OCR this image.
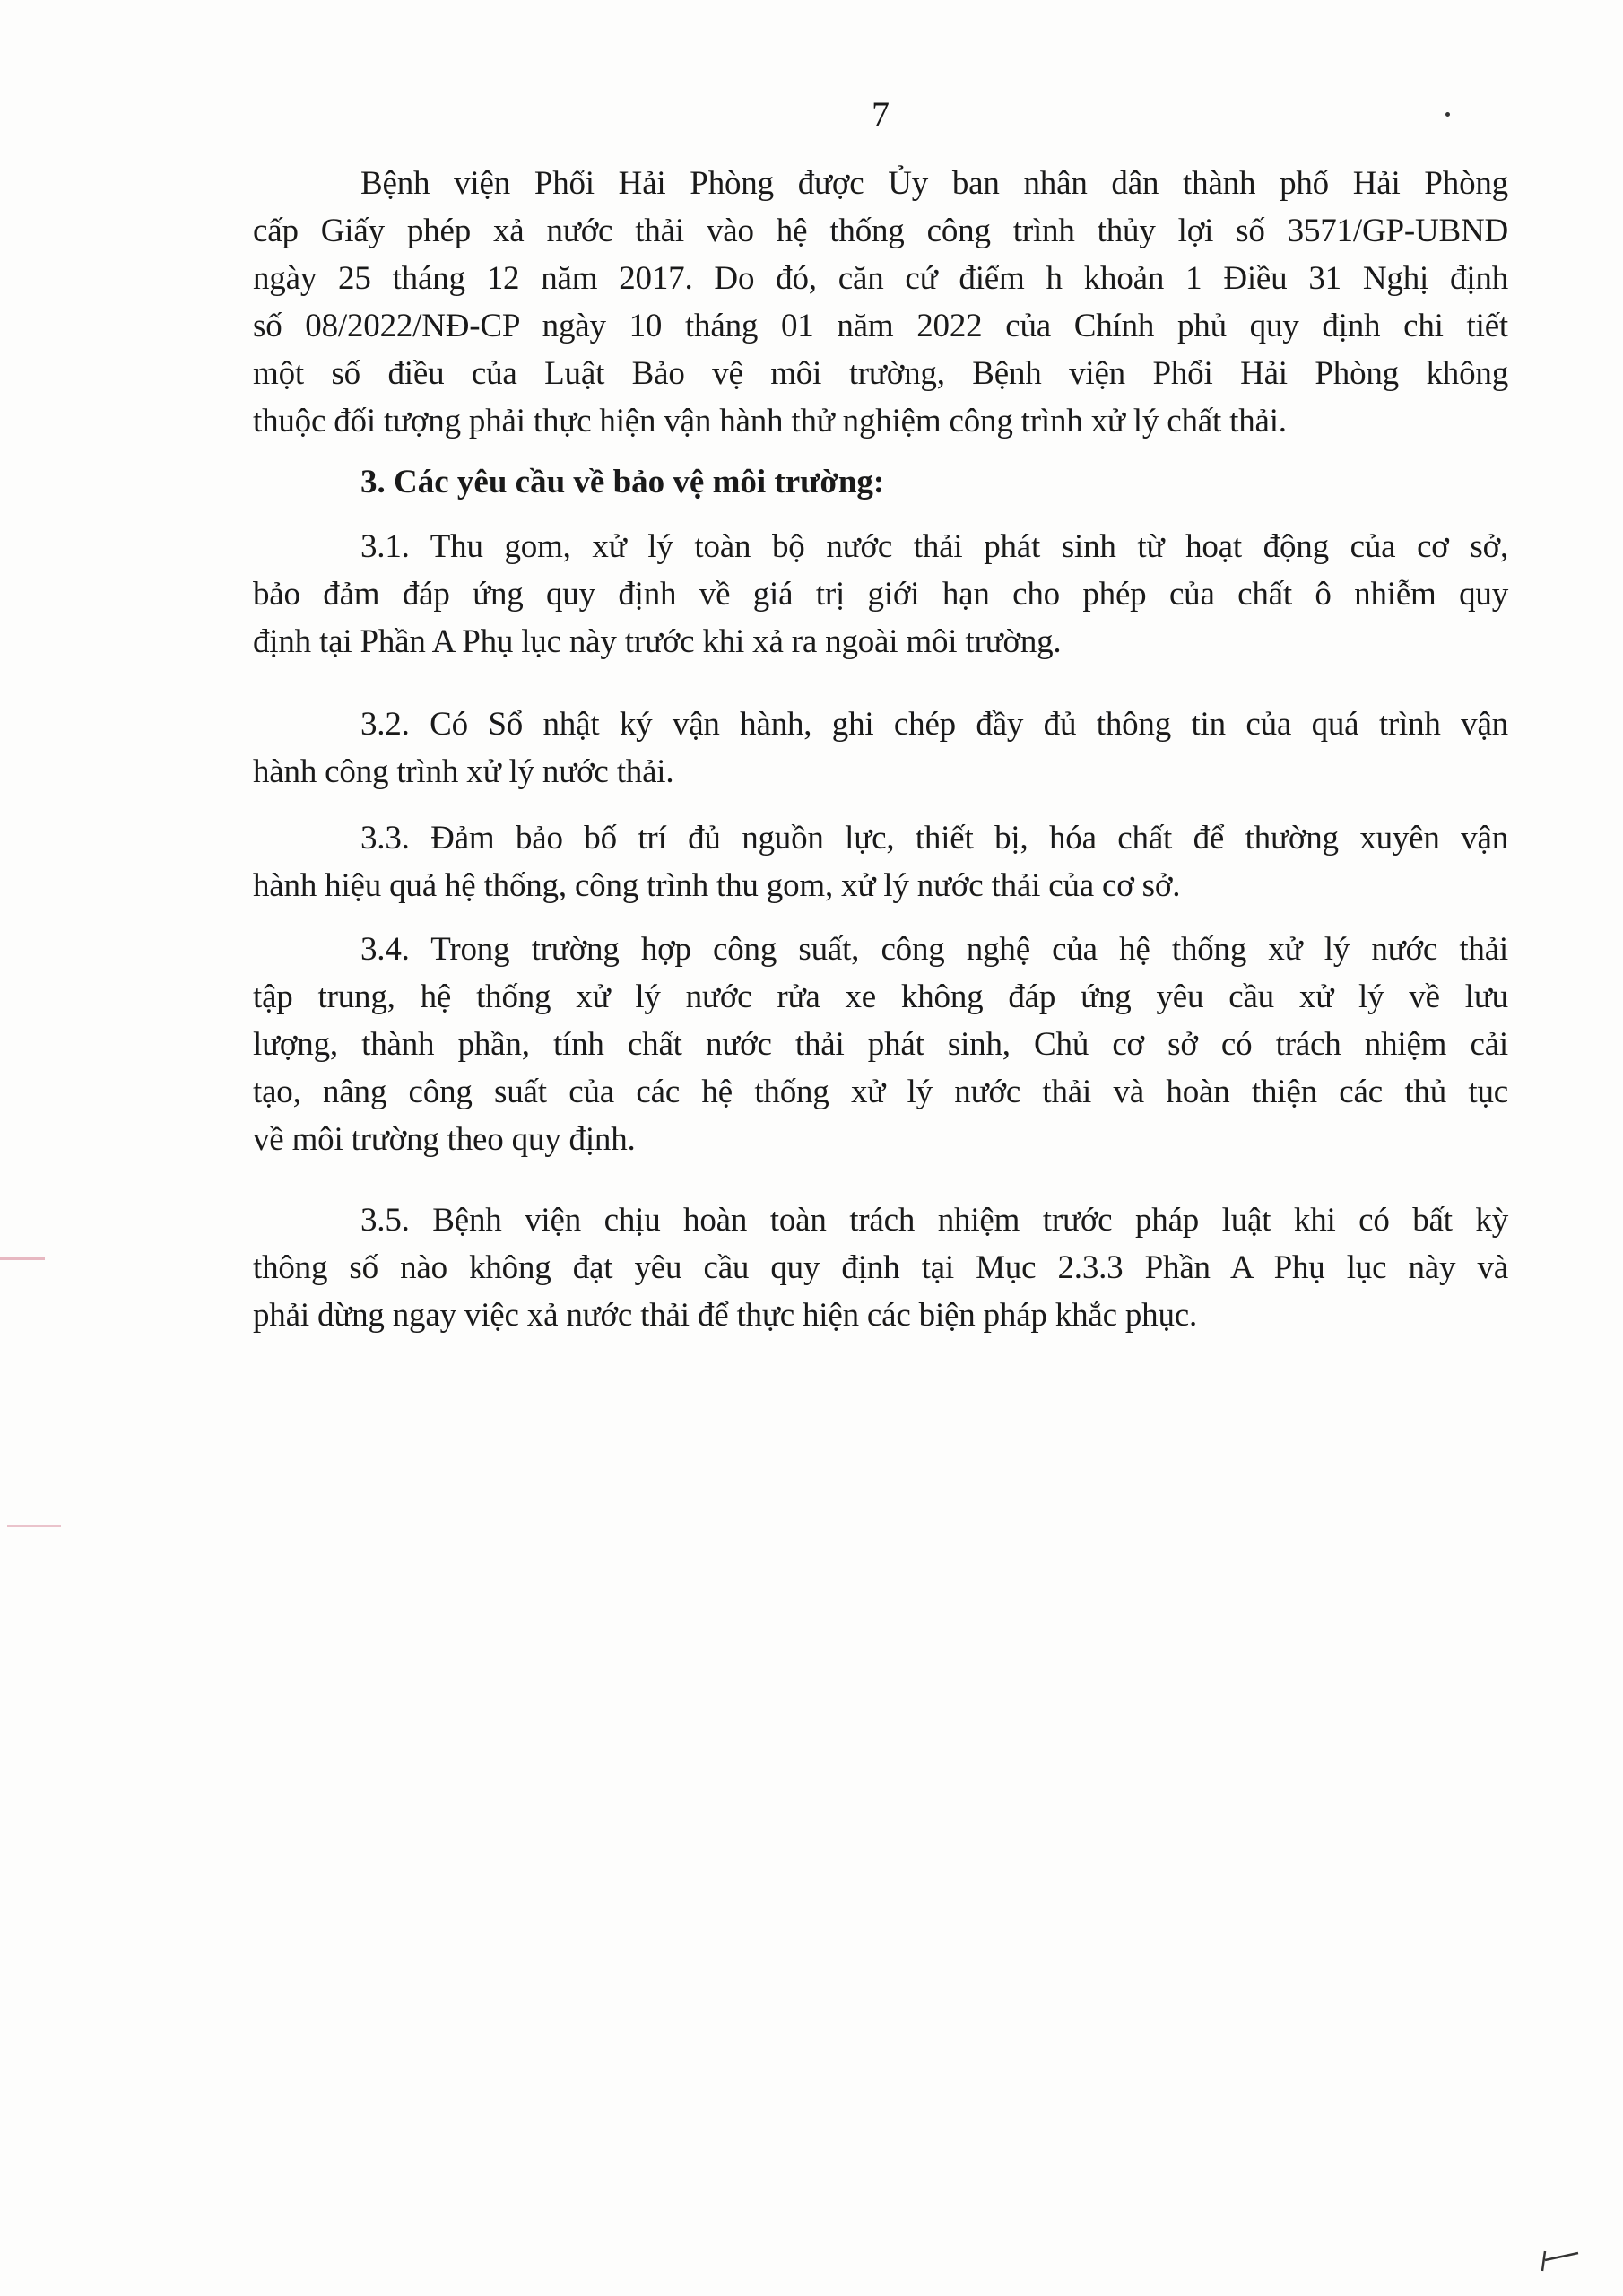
7
Bệnh viện Phổi Hải Phòng được Ủy ban nhân dân thành phố Hải Phòng
cấp Giấy phép xả nước thải vào hệ thống công trình thủy lợi số 3571/GP-UBND
ngày 25 tháng 12 năm 2017. Do đó, căn cứ điểm h khoản 1 Điều 31 Nghị định
số 08/2022/NĐ-CP ngày 10 tháng 01 năm 2022 của Chính phủ quy định chi tiết
một số điều của Luật Bảo vệ môi trường, Bệnh viện Phổi Hải Phòng không
thuộc đối tượng phải thực hiện vận hành thử nghiệm công trình xử lý chất thải.
3. Các yêu cầu về bảo vệ môi trường:
3.1. Thu gom, xử lý toàn bộ nước thải phát sinh từ hoạt động của cơ sở,
bảo đảm đáp ứng quy định về giá trị giới hạn cho phép của chất ô nhiễm quy
định tại Phần A Phụ lục này trước khi xả ra ngoài môi trường.
3.2. Có Sổ nhật ký vận hành, ghi chép đầy đủ thông tin của quá trình vận
hành công trình xử lý nước thải.
3.3. Đảm bảo bố trí đủ nguồn lực, thiết bị, hóa chất để thường xuyên vận
hành hiệu quả hệ thống, công trình thu gom, xử lý nước thải của cơ sở.
3.4. Trong trường hợp công suất, công nghệ của hệ thống xử lý nước thải
tập trung, hệ thống xử lý nước rửa xe không đáp ứng yêu cầu xử lý về lưu
lượng, thành phần, tính chất nước thải phát sinh, Chủ cơ sở có trách nhiệm cải
tạo, nâng công suất của các hệ thống xử lý nước thải và hoàn thiện các thủ tục
về môi trường theo quy định.
3.5. Bệnh viện chịu hoàn toàn trách nhiệm trước pháp luật khi có bất kỳ
thông số nào không đạt yêu cầu quy định tại Mục 2.3.3 Phần A Phụ lục này và
phải dừng ngay việc xả nước thải để thực hiện các biện pháp khắc phục.
